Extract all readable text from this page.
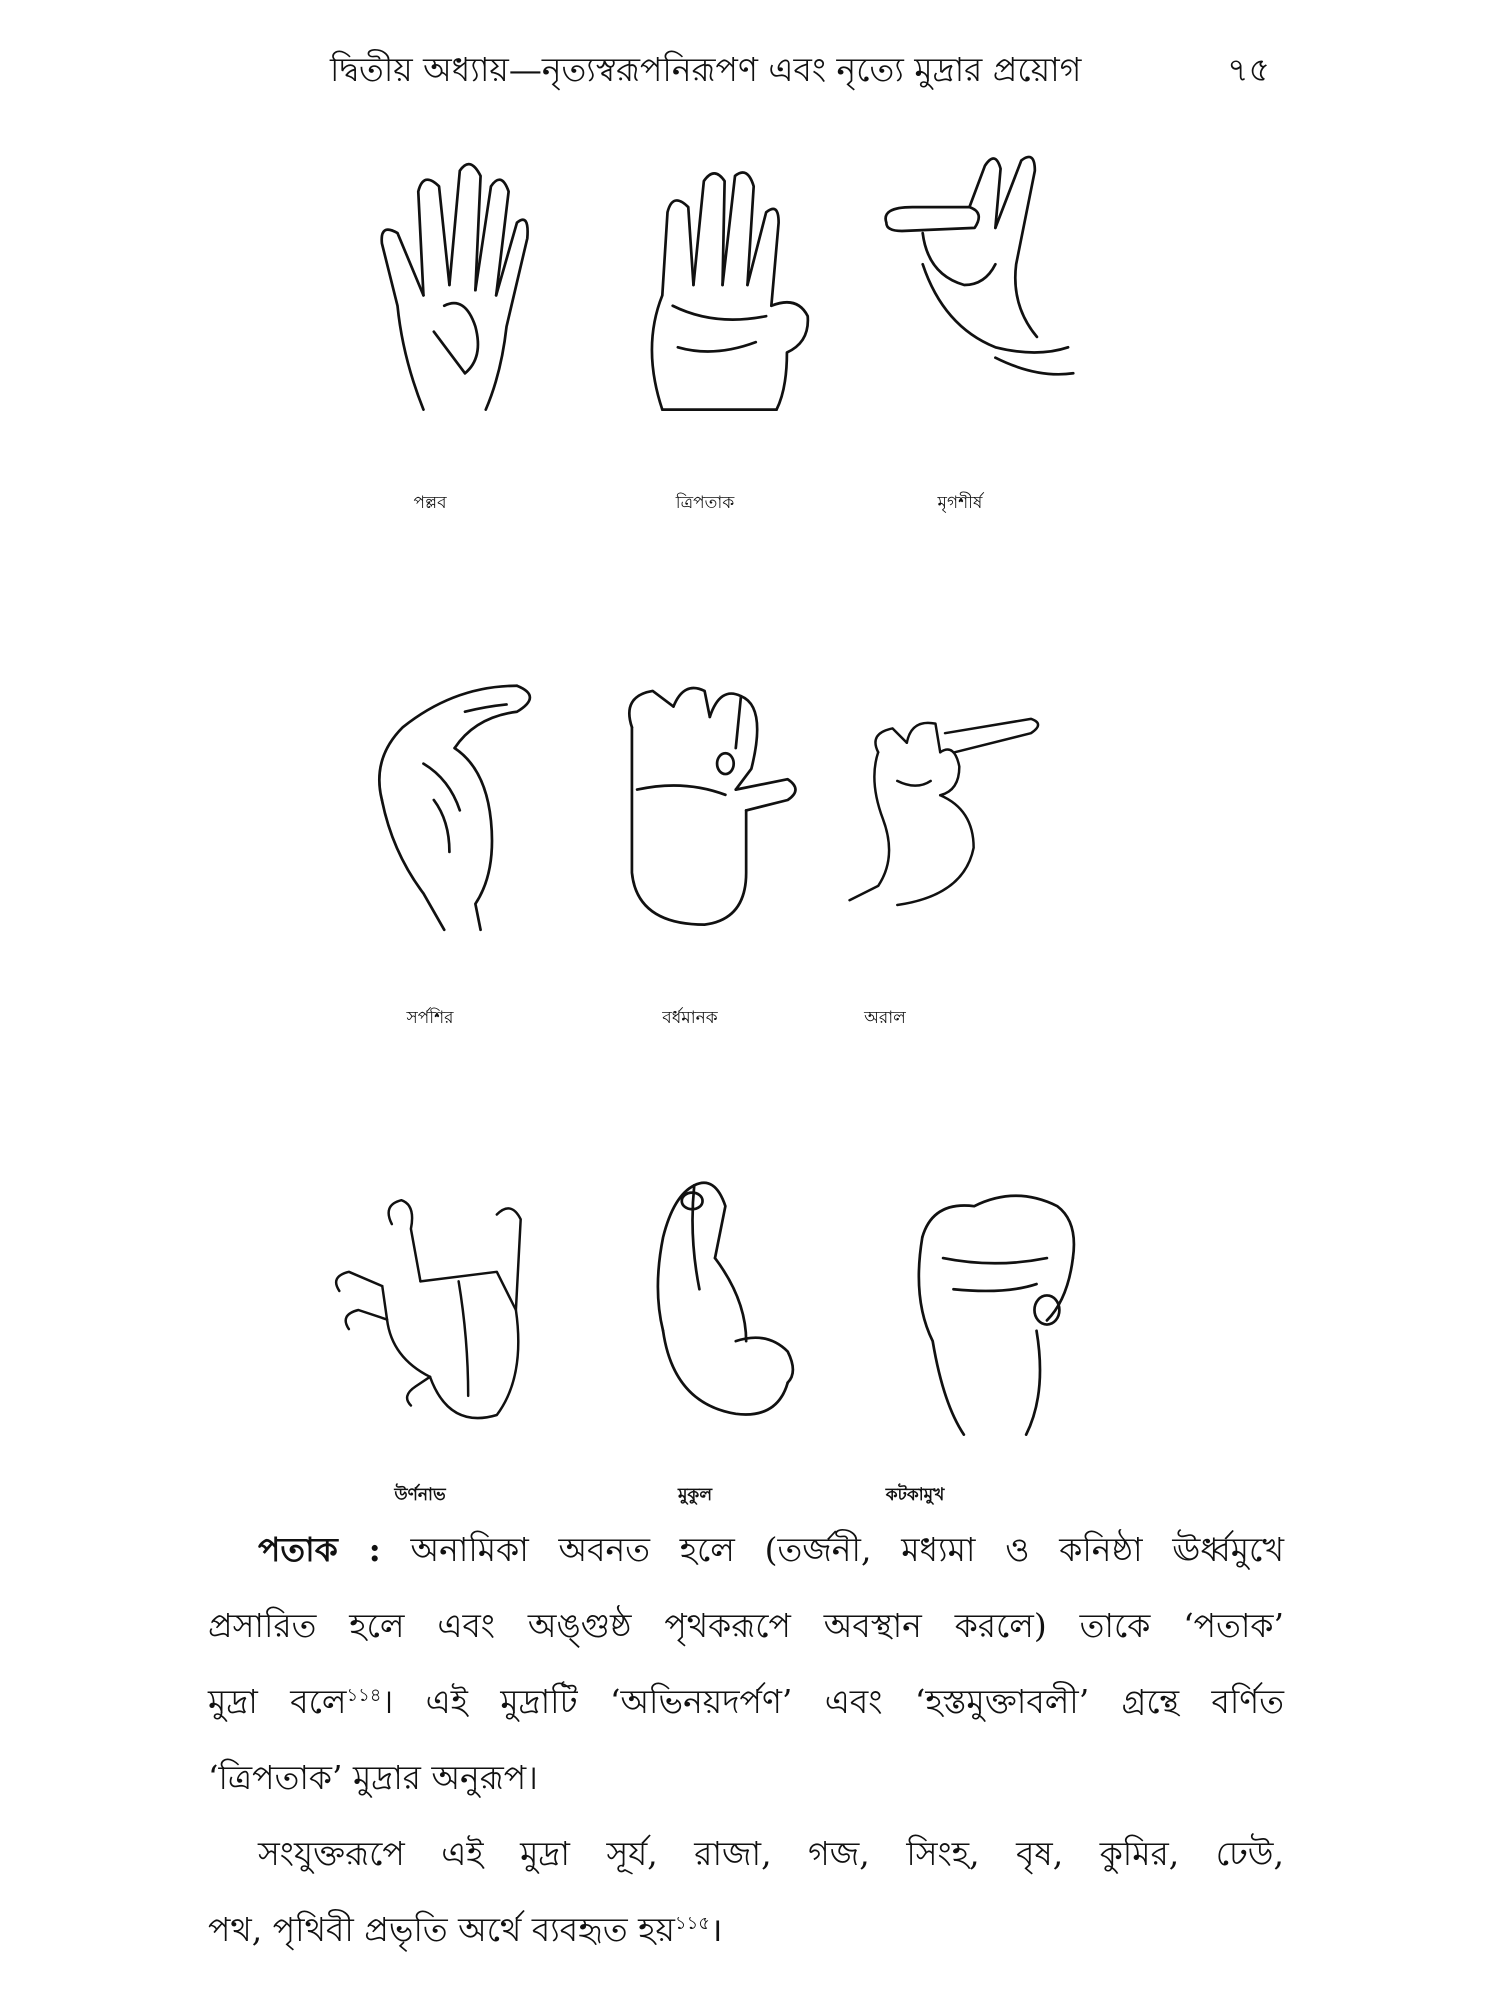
দ্বিতীয় অধ্যায়—নৃত্যস্বরূপনিরূপণ এবং নৃত্যে মুদ্রার প্রয়োগ	৭৫
পল্লব	ত্রিপতাক	মৃগশীর্ষ
সর্পশির	বর্ধমানক	অরাল
উর্ণনাভ	মুকুল	কটকামুখ

পতাক : অনামিকা অবনত হলে (তর্জনী, মধ্যমা ও কনিষ্ঠা ঊর্ধ্বমুখে

প্রসারিত হলে এবং অঙ্গুষ্ঠ পৃথকরূপে অবস্থান করলে) তাকে ‘পতাক’

মুদ্রা বলে$^{১১৪}$। এই মুদ্রাটি ‘অভিনয়দর্পণ’ এবং ‘হস্তমুক্তাবলী’ গ্রন্থে বর্ণিত

‘ত্রিপতাক’ মুদ্রার অনুরূপ।

সংযুক্তরূপে এই মুদ্রা সূর্য, রাজা, গজ, সিংহ, বৃষ, কুমির, ঢেউ,

পথ, পৃথিবী প্রভৃতি অর্থে ব্যবহৃত হয়$^{১১৫}$।
